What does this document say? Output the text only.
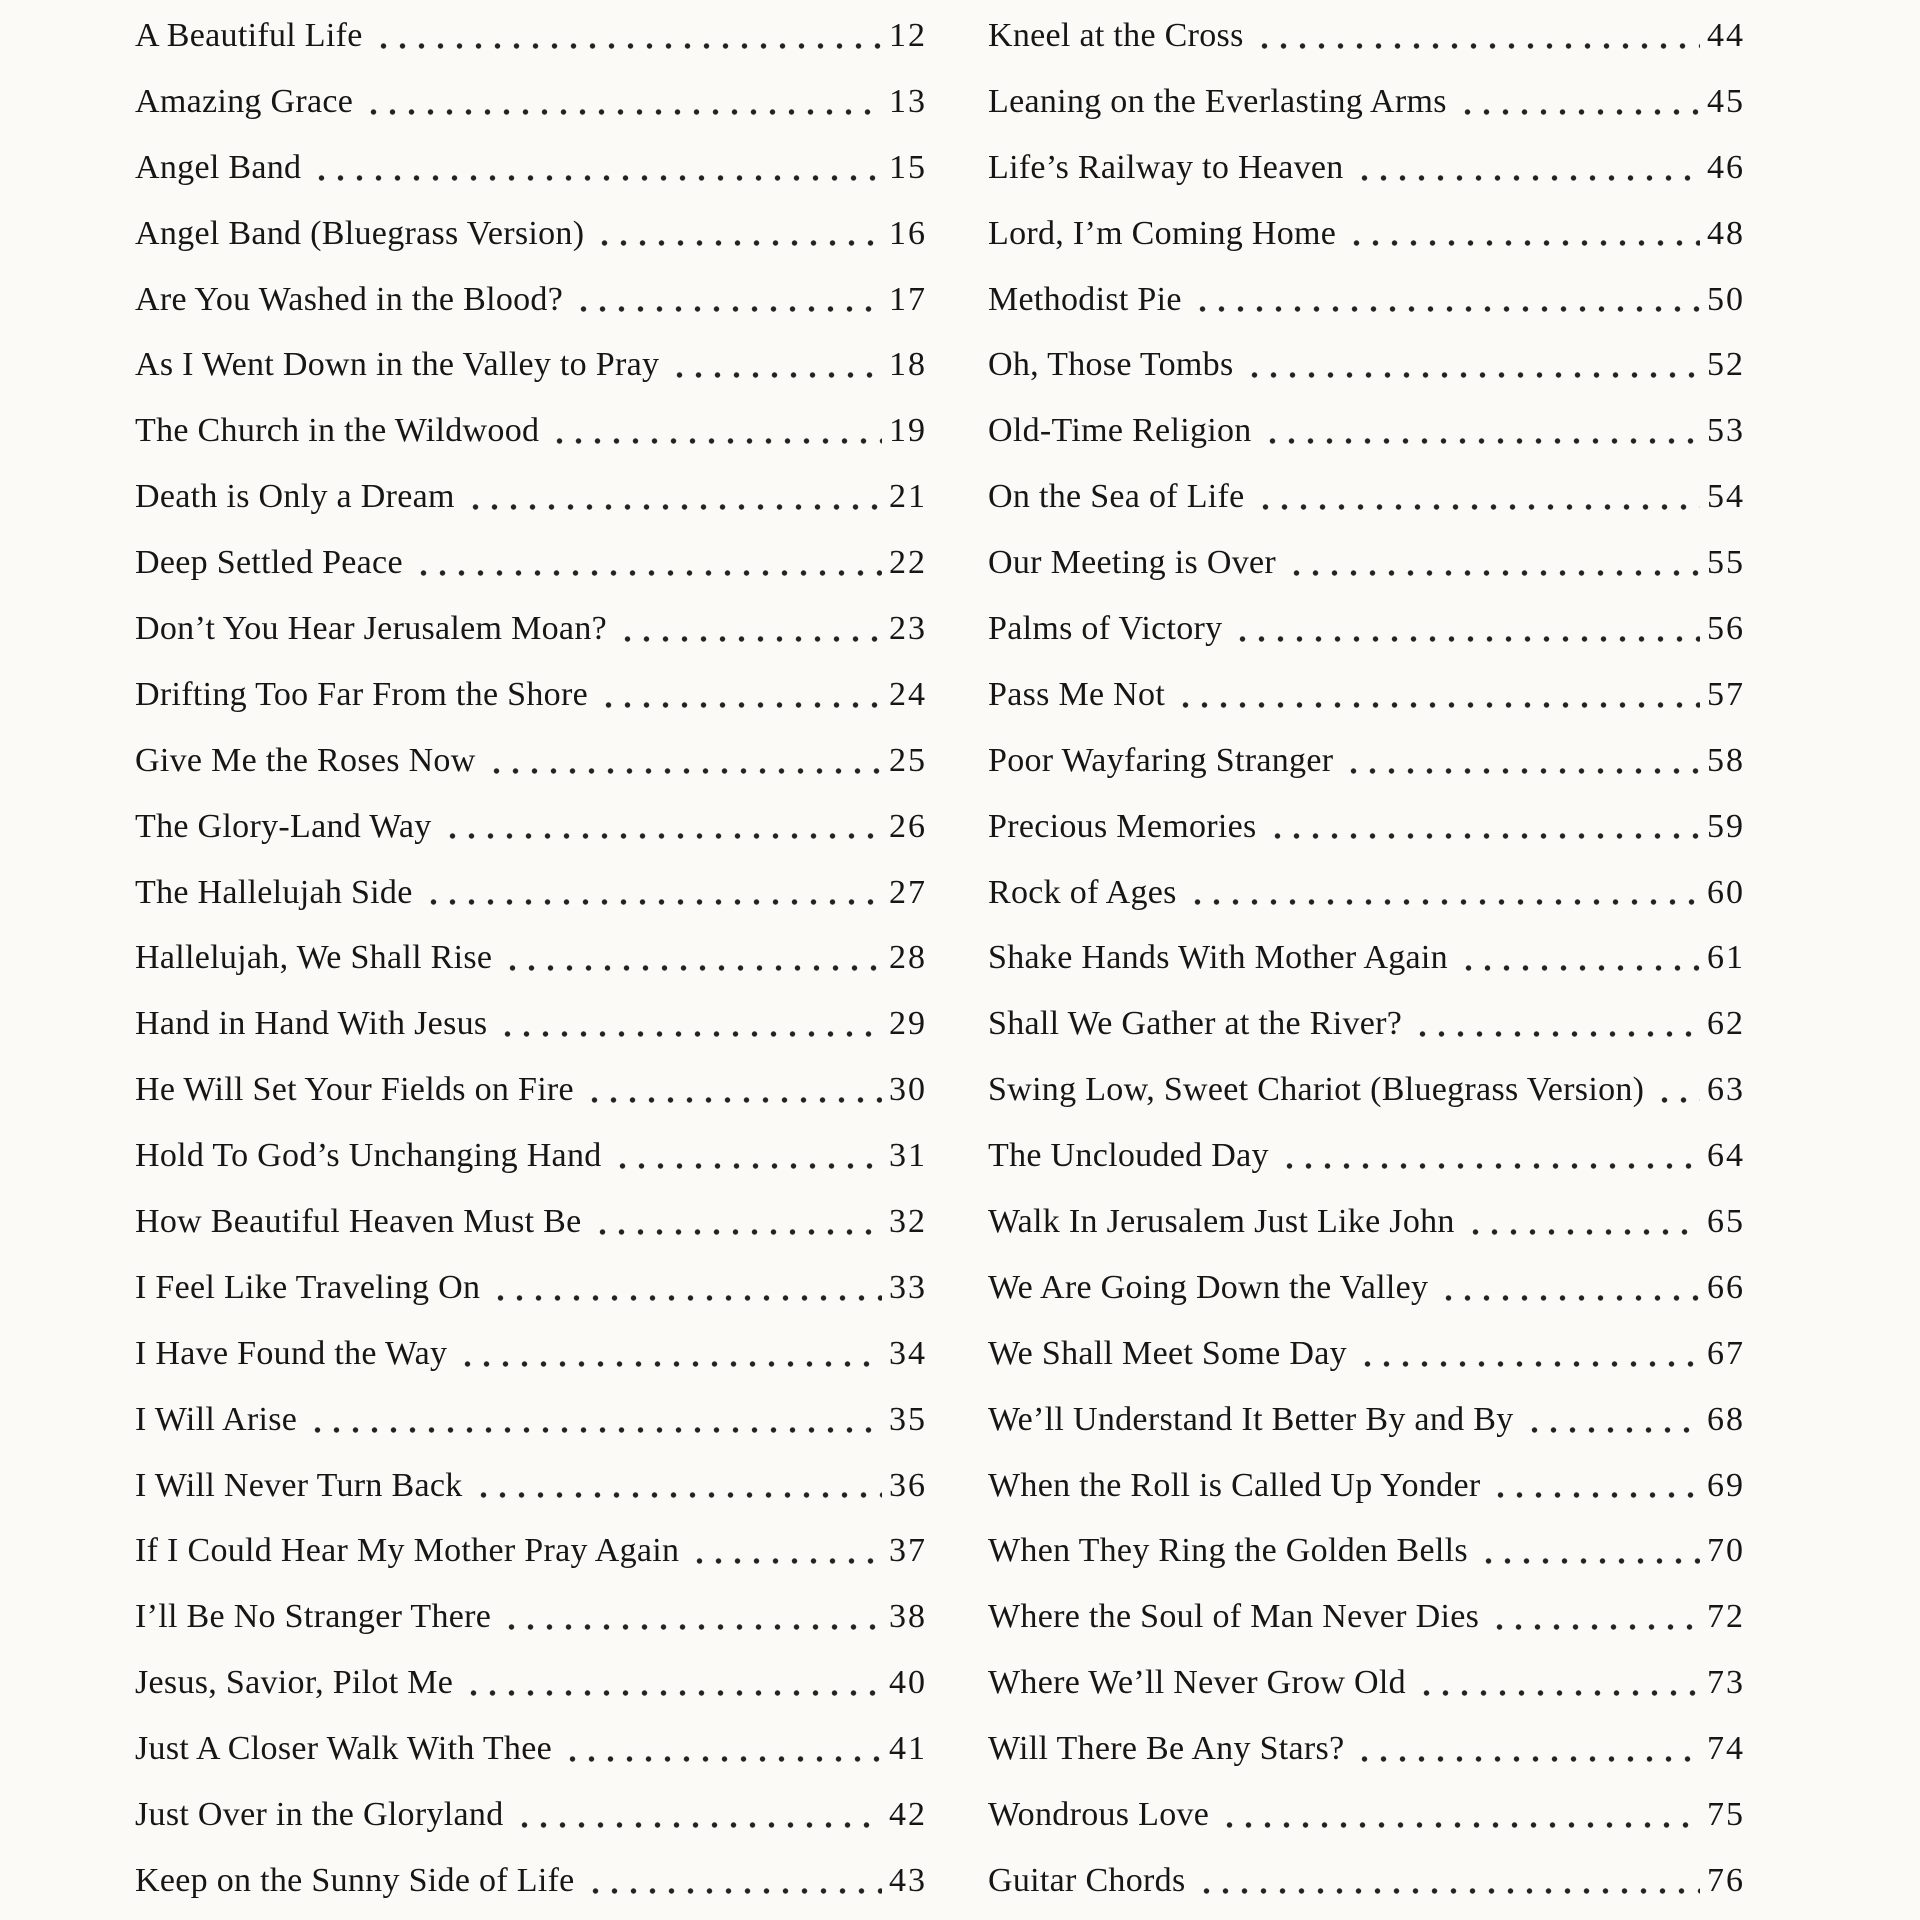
A Beautiful Life	12
Amazing Grace	13
Angel Band	15
Angel Band (Bluegrass Version)	16
Are You Washed in the Blood?	17
As I Went Down in the Valley to Pray	18
The Church in the Wildwood	19
Death is Only a Dream	21
Deep Settled Peace	22
Don’t You Hear Jerusalem Moan?	23
Drifting Too Far From the Shore	24
Give Me the Roses Now	25
The Glory-Land Way	26
The Hallelujah Side	27
Hallelujah, We Shall Rise	28
Hand in Hand With Jesus	29
He Will Set Your Fields on Fire	30
Hold To God’s Unchanging Hand	31
How Beautiful Heaven Must Be	32
I Feel Like Traveling On	33
I Have Found the Way	34
I Will Arise	35
I Will Never Turn Back	36
If I Could Hear My Mother Pray Again	37
I’ll Be No Stranger There	38
Jesus, Savior, Pilot Me	40
Just A Closer Walk With Thee	41
Just Over in the Gloryland	42
Keep on the Sunny Side of Life	43
Kneel at the Cross	44
Leaning on the Everlasting Arms	45
Life’s Railway to Heaven	46
Lord, I’m Coming Home	48
Methodist Pie	50
Oh, Those Tombs	52
Old-Time Religion	53
On the Sea of Life	54
Our Meeting is Over	55
Palms of Victory	56
Pass Me Not	57
Poor Wayfaring Stranger	58
Precious Memories	59
Rock of Ages	60
Shake Hands With Mother Again	61
Shall We Gather at the River?	62
Swing Low, Sweet Chariot (Bluegrass Version) 63
The Unclouded Day	64
Walk In Jerusalem Just Like John	65
We Are Going Down the Valley	66
We Shall Meet Some Day	67
We’ll Understand It Better By and By	68
When the Roll is Called Up Yonder	69
When They Ring the Golden Bells	70
Where the Soul of Man Never Dies	72
Where We’ll Never Grow Old	73
Will There Be Any Stars?	74
Wondrous Love	75
Guitar Chords	76
